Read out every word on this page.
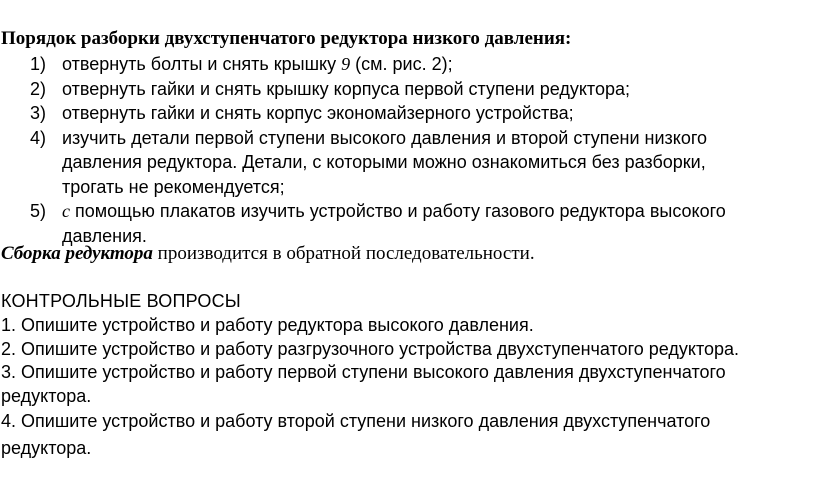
Порядок разборки двухступенчатого редуктора низкого давления:
1) отвернуть болты и снять крышку 9 (см. рис. 2);
2) отвернуть гайки и снять крышку корпуса первой ступени редуктора;
3) отвернуть гайки и снять корпус экономайзерного устройства;
4) изучить детали первой ступени высокого давления и второй ступени низкого давления редуктора. Детали, с которыми можно ознакомиться без разборки, трогать не рекомендуется;
5) с помощью плакатов изучить устройство и работу газового редуктора высокого давления.
Сборка редуктора производится в обратной последовательности.
КОНТРОЛЬНЫЕ ВОПРОСЫ
1. Опишите устройство и работу редуктора высокого давления.
2. Опишите устройство и работу разгрузочного устройства двухступенчатого редуктора.
3. Опишите устройство и работу первой ступени высокого давления двухступенчатого редуктора.
4. Опишите устройство и работу второй ступени низкого давления двухступенчатого редуктора.
